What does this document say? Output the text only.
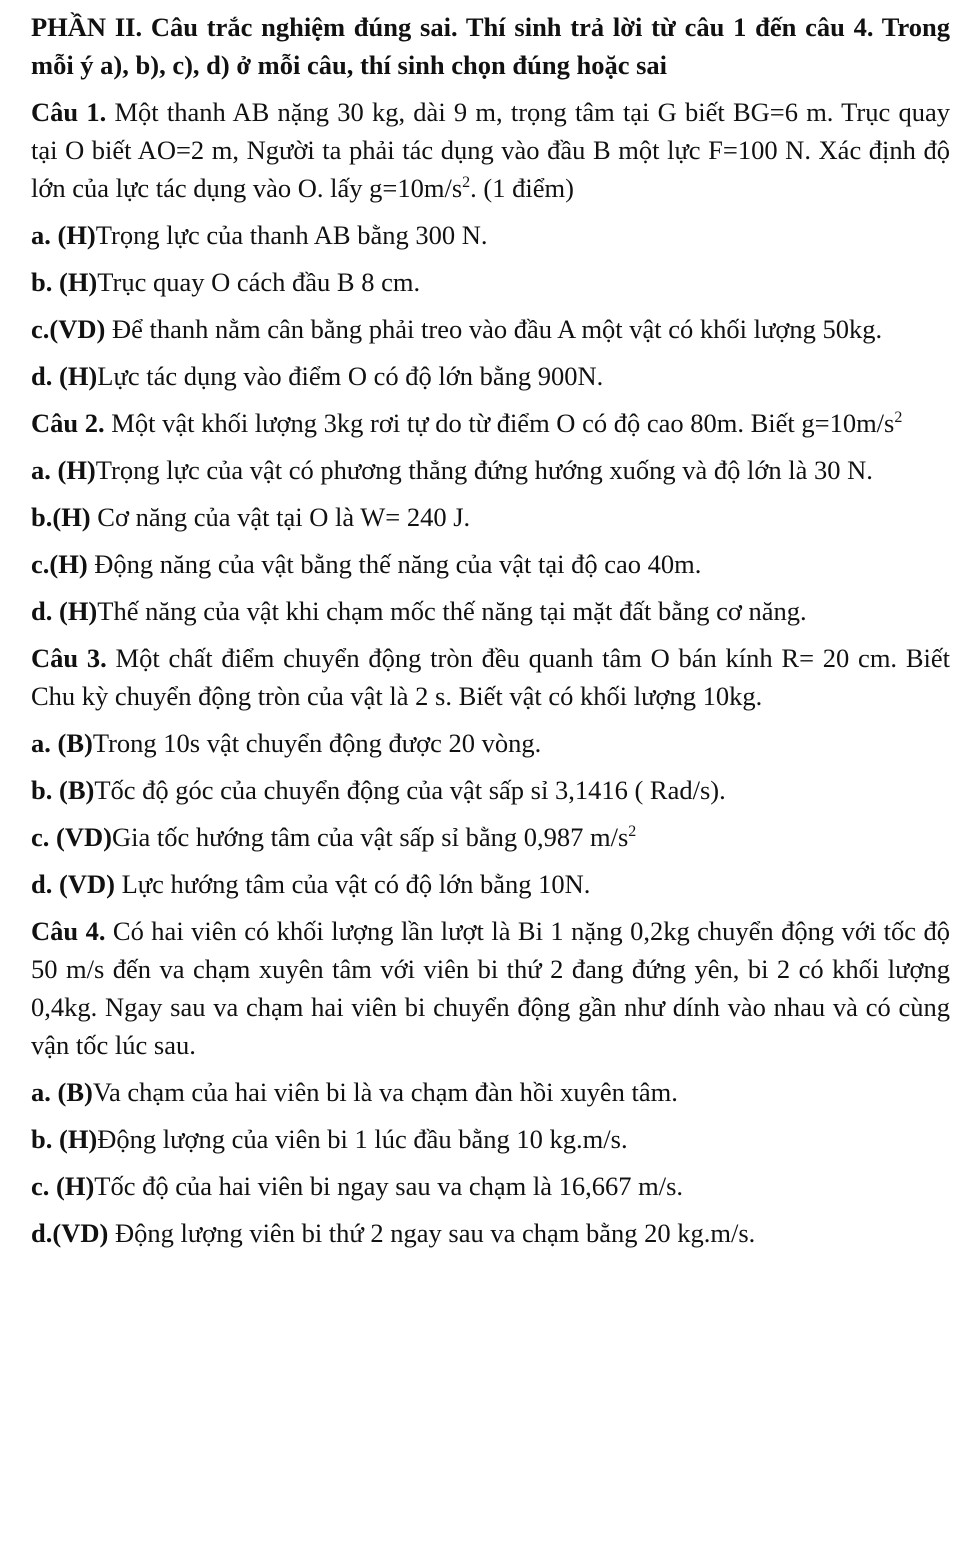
PHẦN II. Câu trắc nghiệm đúng sai. Thí sinh trả lời từ câu 1 đến câu 4. Trong mỗi ý a), b), c), d) ở mỗi câu, thí sinh chọn đúng hoặc sai

Câu 1. Một thanh AB nặng 30 kg, dài 9 m, trọng tâm tại G biết BG=6 m. Trục quay tại O biết AO=2 m, Người ta phải tác dụng vào đầu B một lực F=100 N. Xác định độ lớn của lực tác dụng vào O. lấy $g=10m/s^2$. (1 điểm)

a. (H)Trọng lực của thanh AB bằng 300 N.

b. (H)Trục quay O cách đầu B 8 cm.

c.(VD) Để thanh nằm cân bằng phải treo vào đầu A một vật có khối lượng 50kg.

d. (H)Lực tác dụng vào điểm O có độ lớn bằng 900N.

Câu 2. Một vật khối lượng 3kg rơi tự do từ điểm O có độ cao 80m. Biết $g=10m/s^2$

a. (H)Trọng lực của vật có phương thẳng đứng hướng xuống và độ lớn là 30 N.

b.(H) Cơ năng của vật tại O là W= 240 J.

c.(H) Động năng của vật bằng thế năng của vật tại độ cao 40m.

d. (H)Thế năng của vật khi chạm mốc thế năng tại mặt đất bằng cơ năng.

Câu 3. Một chất điểm chuyển động tròn đều quanh tâm O bán kính R= 20 cm. Biết Chu kỳ chuyển động tròn của vật là 2 s. Biết vật có khối lượng 10kg.

a. (B)Trong 10s vật chuyển động được 20 vòng.

b. (B)Tốc độ góc của chuyển động của vật sấp sỉ 3,1416 ( Rad/s).

c. (VD)Gia tốc hướng tâm của vật sấp sỉ bằng 0,987 $m/s^2$

d. (VD) Lực hướng tâm của vật có độ lớn bằng 10N.

Câu 4. Có hai viên có khối lượng lần lượt là Bi 1 nặng 0,2kg chuyển động với tốc độ 50 m/s đến va chạm xuyên tâm với viên bi thứ 2 đang đứng yên, bi 2 có khối lượng 0,4kg. Ngay sau va chạm hai viên bi chuyển động gần như dính vào nhau và có cùng vận tốc lúc sau.

a. (B)Va chạm của hai viên bi là va chạm đàn hồi xuyên tâm.

b. (H)Động lượng của viên bi 1 lúc đầu bằng 10 kg.m/s.

c. (H)Tốc độ của hai viên bi ngay sau va chạm là 16,667 m/s.

d.(VD) Động lượng viên bi thứ 2 ngay sau va chạm bằng 20 kg.m/s.
